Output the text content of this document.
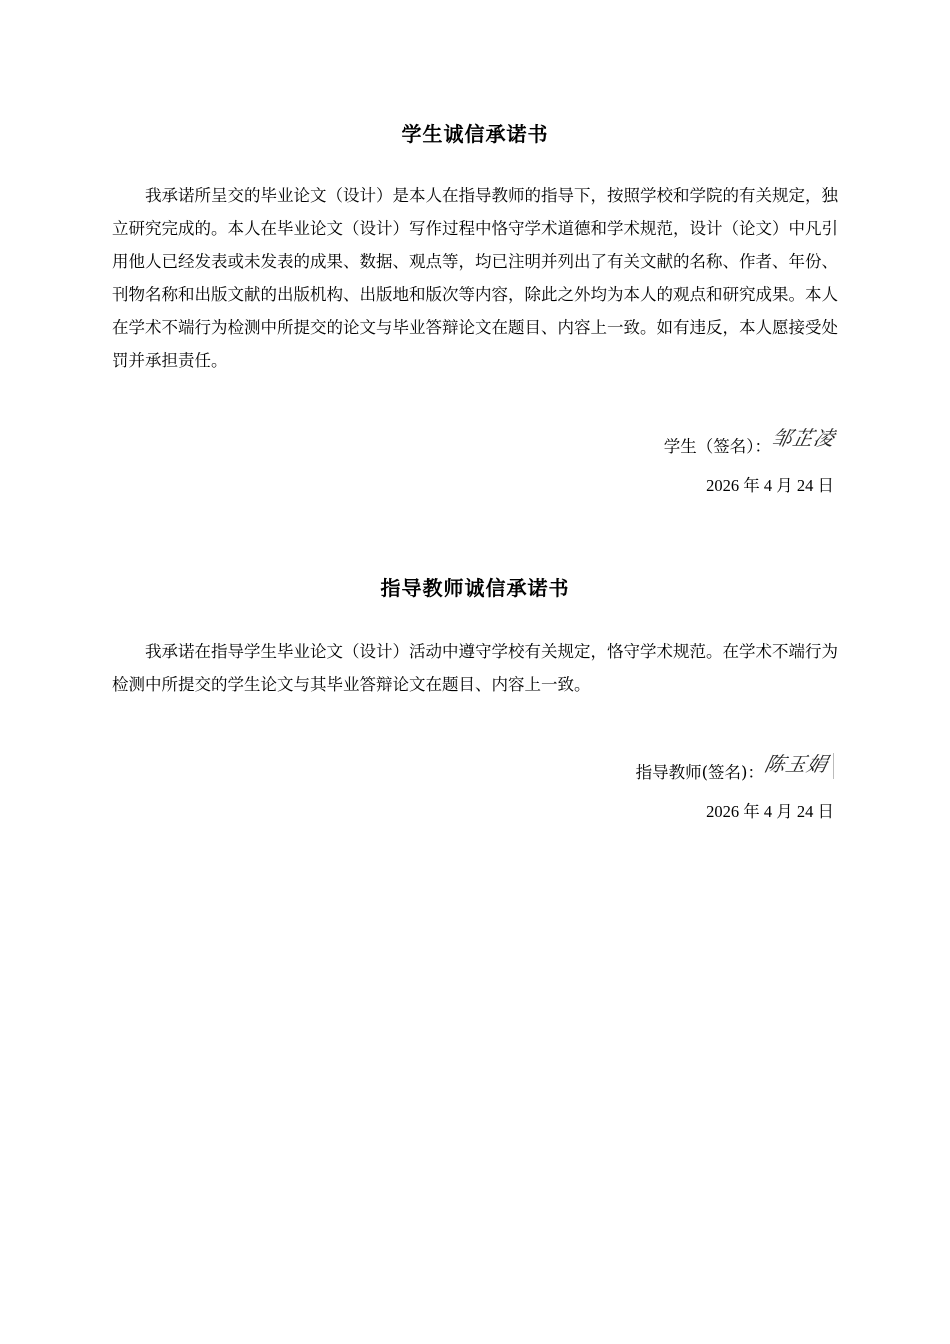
学生诚信承诺书

我承诺所呈交的毕业论文（设计）是本人在指导教师的指导下，按照学校和学院的有关规定，独立研究完成的。本人在毕业论文（设计）写作过程中恪守学术道德和学术规范，设计（论文）中凡引用他人已经发表或未发表的成果、数据、观点等，均已注明并列出了有关文献的名称、作者、年份、刊物名称和出版文献的出版机构、出版地和版次等内容，除此之外均为本人的观点和研究成果。本人在学术不端行为检测中所提交的论文与毕业答辩论文在题目、内容上一致。如有违反，本人愿接受处罚并承担责任。

学生（签名）：
邹芷凌
2026 年 4 月 24 日
指导教师诚信承诺书

我承诺在指导学生毕业论文（设计）活动中遵守学校有关规定，恪守学术规范。在学术不端行为检测中所提交的学生论文与其毕业答辩论文在题目、内容上一致。

指导教师(签名)：
陈玉娟
2026 年 4 月 24 日
